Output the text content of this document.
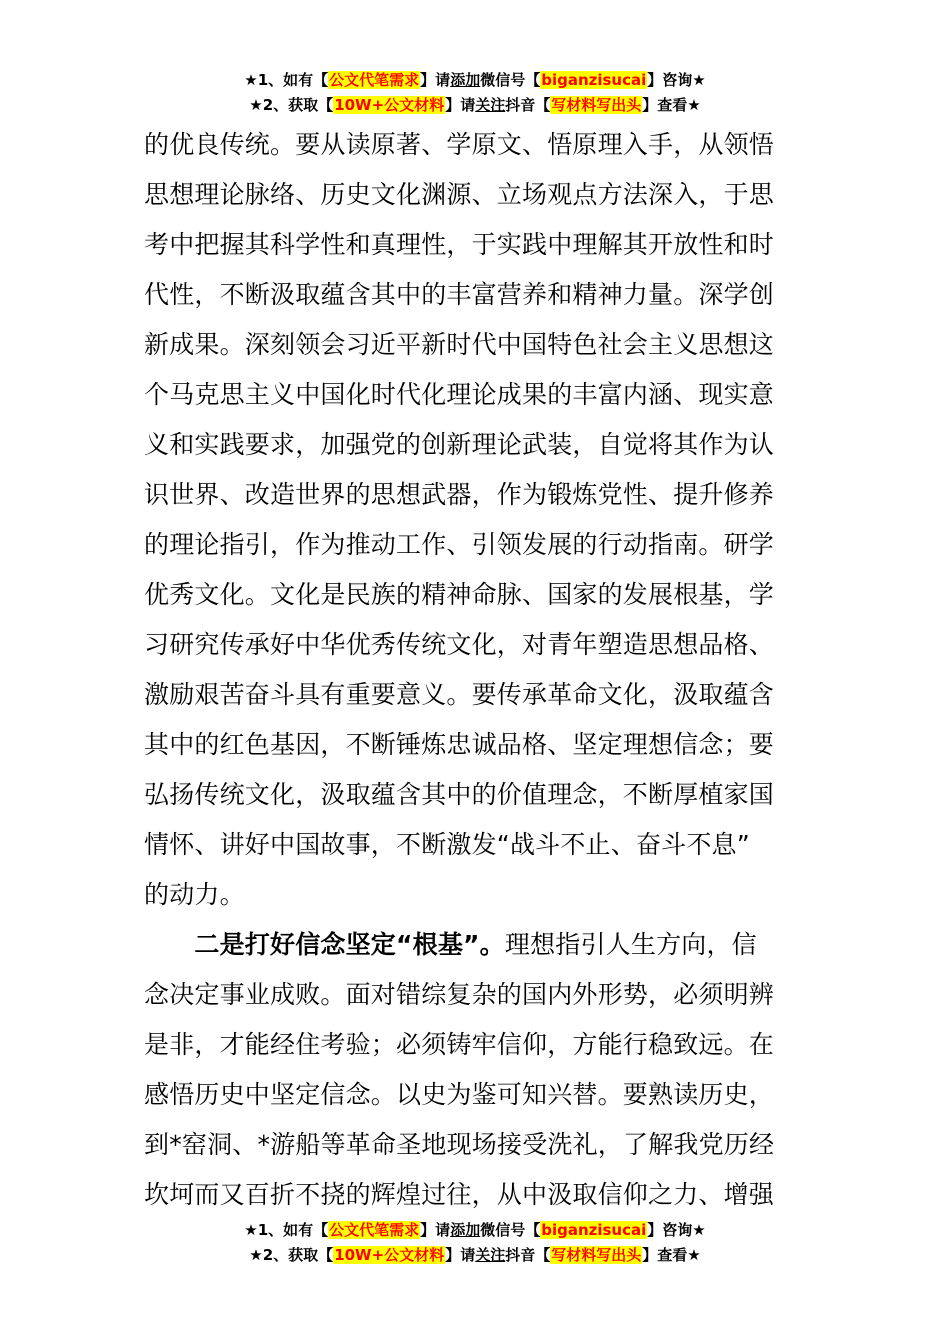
★1、如有【公文代笔需求】请添加微信号【biganzisucai】咨询★
★2、获取【10W+公文材料】请关注抖音【写材料写出头】查看★

的优良传统。要从读原著、学原文、悟原理入手，从领悟
思想理论脉络、历史文化渊源、立场观点方法深入，于思
考中把握其科学性和真理性，于实践中理解其开放性和时
代性，不断汲取蕴含其中的丰富营养和精神力量。深学创
新成果。深刻领会习近平新时代中国特色社会主义思想这
个马克思主义中国化时代化理论成果的丰富内涵、现实意
义和实践要求，加强党的创新理论武装，自觉将其作为认
识世界、改造世界的思想武器，作为锻炼党性、提升修养
的理论指引，作为推动工作、引领发展的行动指南。研学
优秀文化。文化是民族的精神命脉、国家的发展根基，学
习研究传承好中华优秀传统文化，对青年塑造思想品格、
激励艰苦奋斗具有重要意义。要传承革命文化，汲取蕴含
其中的红色基因，不断锤炼忠诚品格、坚定理想信念；要
弘扬传统文化，汲取蕴含其中的价值理念，不断厚植家国
情怀、讲好中国故事，不断激发“战斗不止、奋斗不息”
的动力。

　　二是打好信念坚定“根基”。理想指引人生方向，信
念决定事业成败。面对错综复杂的国内外形势，必须明辨
是非，才能经住考验；必须铸牢信仰，方能行稳致远。在
感悟历史中坚定信念。以史为鉴可知兴替。要熟读历史，
到*窑洞、*游船等革命圣地现场接受洗礼，了解我党历经
坎坷而又百折不挠的辉煌过往，从中汲取信仰之力、增强

★1、如有【公文代笔需求】请添加微信号【biganzisucai】咨询★
★2、获取【10W+公文材料】请关注抖音【写材料写出头】查看★
